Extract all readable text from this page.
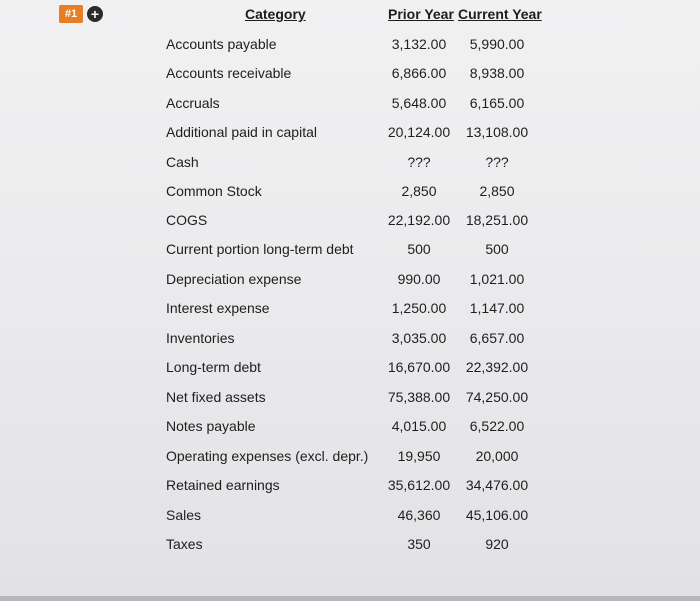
#1 +	Category	Prior Year Current Year
Accounts payable	3,132.00	5,990.00
Accounts receivable	6,866.00	8,938.00
Accruals	5,648.00	6,165.00
Additional paid in capital	20,124.00	13,108.00
Cash	???	???
Common Stock	2,850	2,850
COGS	22,192.00	18,251.00
Current portion long-term debt	500	500
Depreciation expense	990.00	1,021.00
Interest expense	1,250.00	1,147.00
Inventories	3,035.00	6,657.00
Long-term debt	16,670.00	22,392.00
Net fixed assets	75,388.00	74,250.00
Notes payable	4,015.00	6,522.00
Operating expenses (excl. depr.)	19,950	20,000
Retained earnings	35,612.00	34,476.00
Sales	46,360	45,106.00
Taxes	350	920
